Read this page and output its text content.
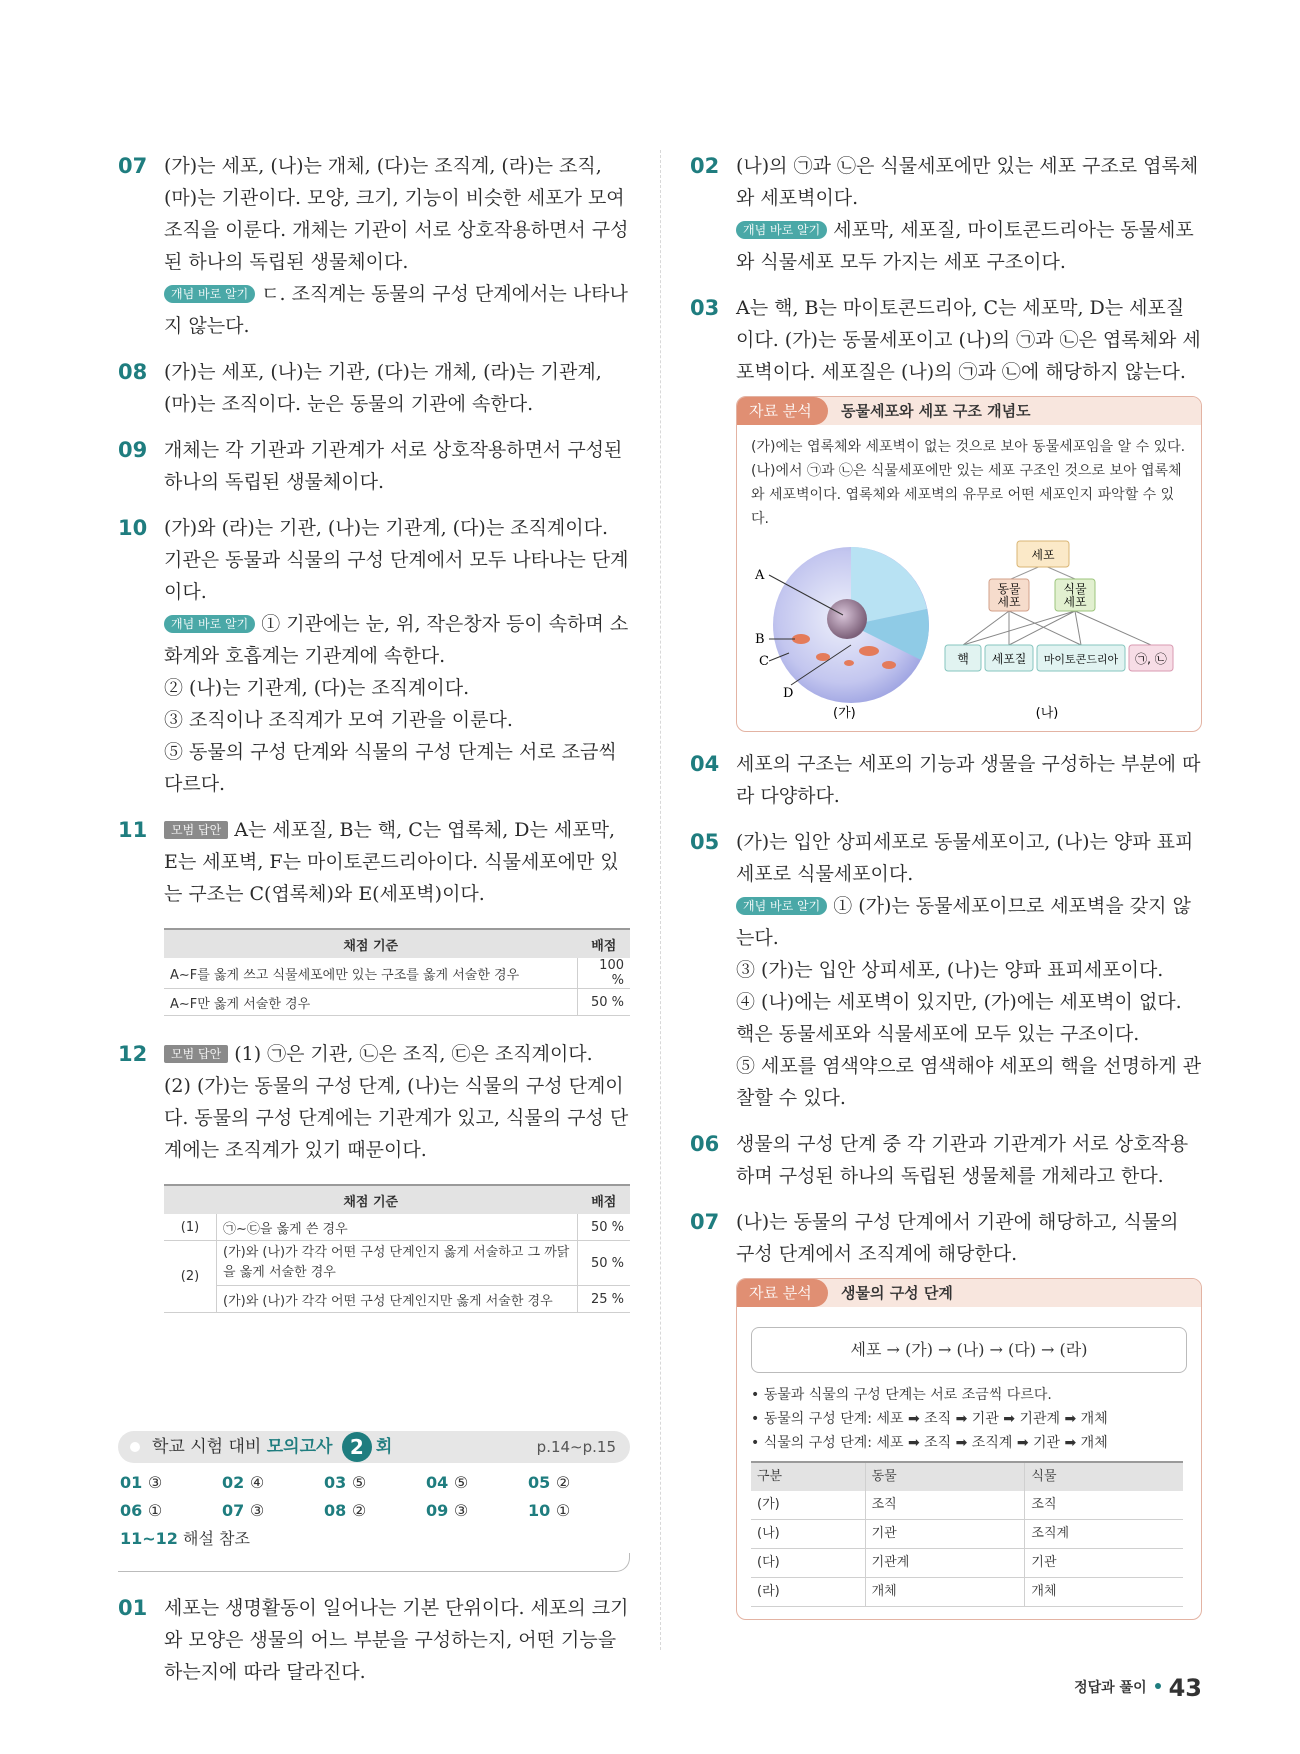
07 (가)는 세포, (나)는 개체, (다)는 조직계, (라)는 조직, (마)는 기관이다. 모양, 크기, 기능이 비슷한 세포가 모여 조직을 이룬다. 개체는 기관이 서로 상호작용하면서 구성된 하나의 독립된 생물체이다.

개념 바로 알기 ㄷ. 조직계는 동물의 구성 단계에서는 나타나지 않는다.

08 (가)는 세포, (나)는 기관, (다)는 개체, (라)는 기관계, (마)는 조직이다. 눈은 동물의 기관에 속한다.

09 개체는 각 기관과 기관계가 서로 상호작용하면서 구성된 하나의 독립된 생물체이다.

10 (가)와 (라)는 기관, (나)는 기관계, (다)는 조직계이다. 기관은 동물과 식물의 구성 단계에서 모두 나타나는 단계이다.

개념 바로 알기 ① 기관에는 눈, 위, 작은창자 등이 속하며 소화계와 호흡계는 기관계에 속한다.

② (나)는 기관계, (다)는 조직계이다.

③ 조직이나 조직계가 모여 기관을 이룬다.

⑤ 동물의 구성 단계와 식물의 구성 단계는 서로 조금씩 다르다.

11	모범 답안 A는 세포질, B는 핵, C는 엽록체, D는 세포막, E는 세포벽, F는 마이토콘드리아이다. 식물세포에만 있는 구조는 C(엽록체)와 E(세포벽)이다.

채점 기준	배점
A∼F를 옳게 쓰고 식물세포에만 있는 구조를 옳게 서술한 경우	100 %
A∼F만 옳게 서술한 경우	50 %
12	모범 답안 (1) ㉠은 기관, ㉡은 조직, ㉢은 조직계이다.

(2) (가)는 동물의 구성 단계, (나)는 식물의 구성 단계이다. 동물의 구성 단계에는 기관계가 있고, 식물의 구성 단계에는 조직계가 있기 때문이다.

채점 기준		배점
(1)	㉠∼㉢을 옳게 쓴 경우	50 %
(2)	(가)와 (나)가 각각 어떤 구성 단계인지 옳게 서술하고 그 까닭을 옳게 서술한 경우	50 %
	(가)와 (나)가 각각 어떤 구성 단계인지만 옳게 서술한 경우	25 %
학교 시험 대비 모의고사 2 회	p.14∼p.15
01 ③	02 ④	03 ⑤	04 ⑤	05 ②
06 ①	07 ③	08 ②	09 ③	10 ①
11~12 해설 참조
01 세포는 생명활동이 일어나는 기본 단위이다. 세포의 크기와 모양은 생물의 어느 부분을 구성하는지, 어떤 기능을 하는지에 따라 달라진다.

02 (나)의 ㉠과 ㉡은 식물세포에만 있는 세포 구조로 엽록체와 세포벽이다.

개념 바로 알기 세포막, 세포질, 마이토콘드리아는 동물세포와 식물세포 모두 가지는 세포 구조이다.

03 A는 핵, B는 마이토콘드리아, C는 세포막, D는 세포질이다. (가)는 동물세포이고 (나)의 ㉠과 ㉡은 엽록체와 세포벽이다. 세포질은 (나)의 ㉠과 ㉡에 해당하지 않는다.

자료 분석	동물세포와 세포 구조 개념도
(가)에는 엽록체와 세포벽이 없는 것으로 보아 동물세포임을 알 수 있다. (나)에서 ㉠과 ㉡은 식물세포에만 있는 세포 구조인 것으로 보아 엽록체와 세포벽이다. 엽록체와 세포벽의 유무로 어떤 세포인지 파악할 수 있다.
A
B
C
D
(가)
세포
동물
세포
식물
세포
핵 세포질 마이토콘드리아 ㉠, ㉡
(나)
04 세포의 구조는 세포의 기능과 생물을 구성하는 부분에 따라 다양하다.

05 (가)는 입안 상피세포로 동물세포이고, (나)는 양파 표피세포로 식물세포이다.

개념 바로 알기 ① (가)는 동물세포이므로 세포벽을 갖지 않는다.

③ (가)는 입안 상피세포, (나)는 양파 표피세포이다.

④ (나)에는 세포벽이 있지만, (가)에는 세포벽이 없다. 핵은 동물세포와 식물세포에 모두 있는 구조이다.

⑤ 세포를 염색약으로 염색해야 세포의 핵을 선명하게 관찰할 수 있다.

06 생물의 구성 단계 중 각 기관과 기관계가 서로 상호작용하며 구성된 하나의 독립된 생물체를 개체라고 한다.

07 (나)는 동물의 구성 단계에서 기관에 해당하고, 식물의 구성 단계에서 조직계에 해당한다.

자료 분석	생물의 구성 단계
세포 → (가) → (나) → (다) → (라)
• 동물과 식물의 구성 단계는 서로 조금씩 다르다.
• 동물의 구성 단계: 세포 ➡ 조직 ➡ 기관 ➡ 기관계 ➡ 개체
• 식물의 구성 단계: 세포 ➡ 조직 ➡ 조직계 ➡ 기관 ➡ 개체
구분	동물	식물
(가)	조직	조직
(나)	기관	조직계
(다)	기관계	기관
(라)	개체	개체
정답과 풀이 43
